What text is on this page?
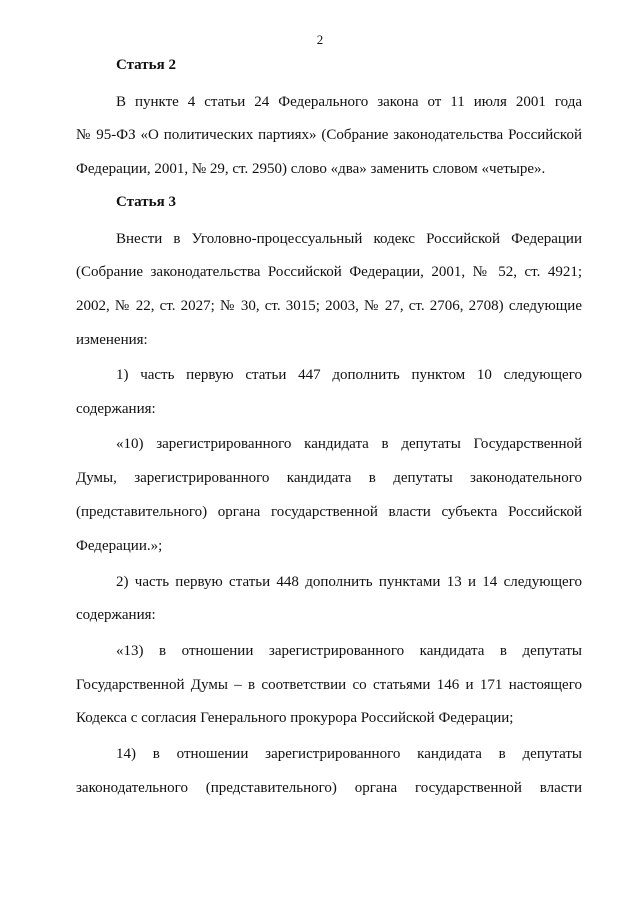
2
Статья 2
В пункте 4 статьи 24 Федерального закона от 11 июля 2001 года
№ 95-ФЗ «О политических партиях» (Собрание законодательства Российской
Федерации, 2001, № 29, ст. 2950) слово «два» заменить словом «четыре».
Статья 3
Внести в Уголовно-процессуальный кодекс Российской Федерации
(Собрание законодательства Российской Федерации, 2001, № 52, ст. 4921;
2002, № 22, ст. 2027; № 30, ст. 3015; 2003, № 27, ст. 2706, 2708) следующие
изменения:
1) часть первую статьи 447 дополнить пунктом 10 следующего
содержания:
«10) зарегистрированного кандидата в депутаты Государственной
Думы, зарегистрированного кандидата в депутаты законодательного
(представительного) органа государственной власти субъекта Российской
Федерации.»;
2) часть первую статьи 448 дополнить пунктами 13 и 14 следующего
содержания:
«13) в отношении зарегистрированного кандидата в депутаты
Государственной Думы – в соответствии со статьями 146 и 171 настоящего
Кодекса с согласия Генерального прокурора Российской Федерации;
14) в отношении зарегистрированного кандидата в депутаты
законодательного (представительного) органа государственной власти
